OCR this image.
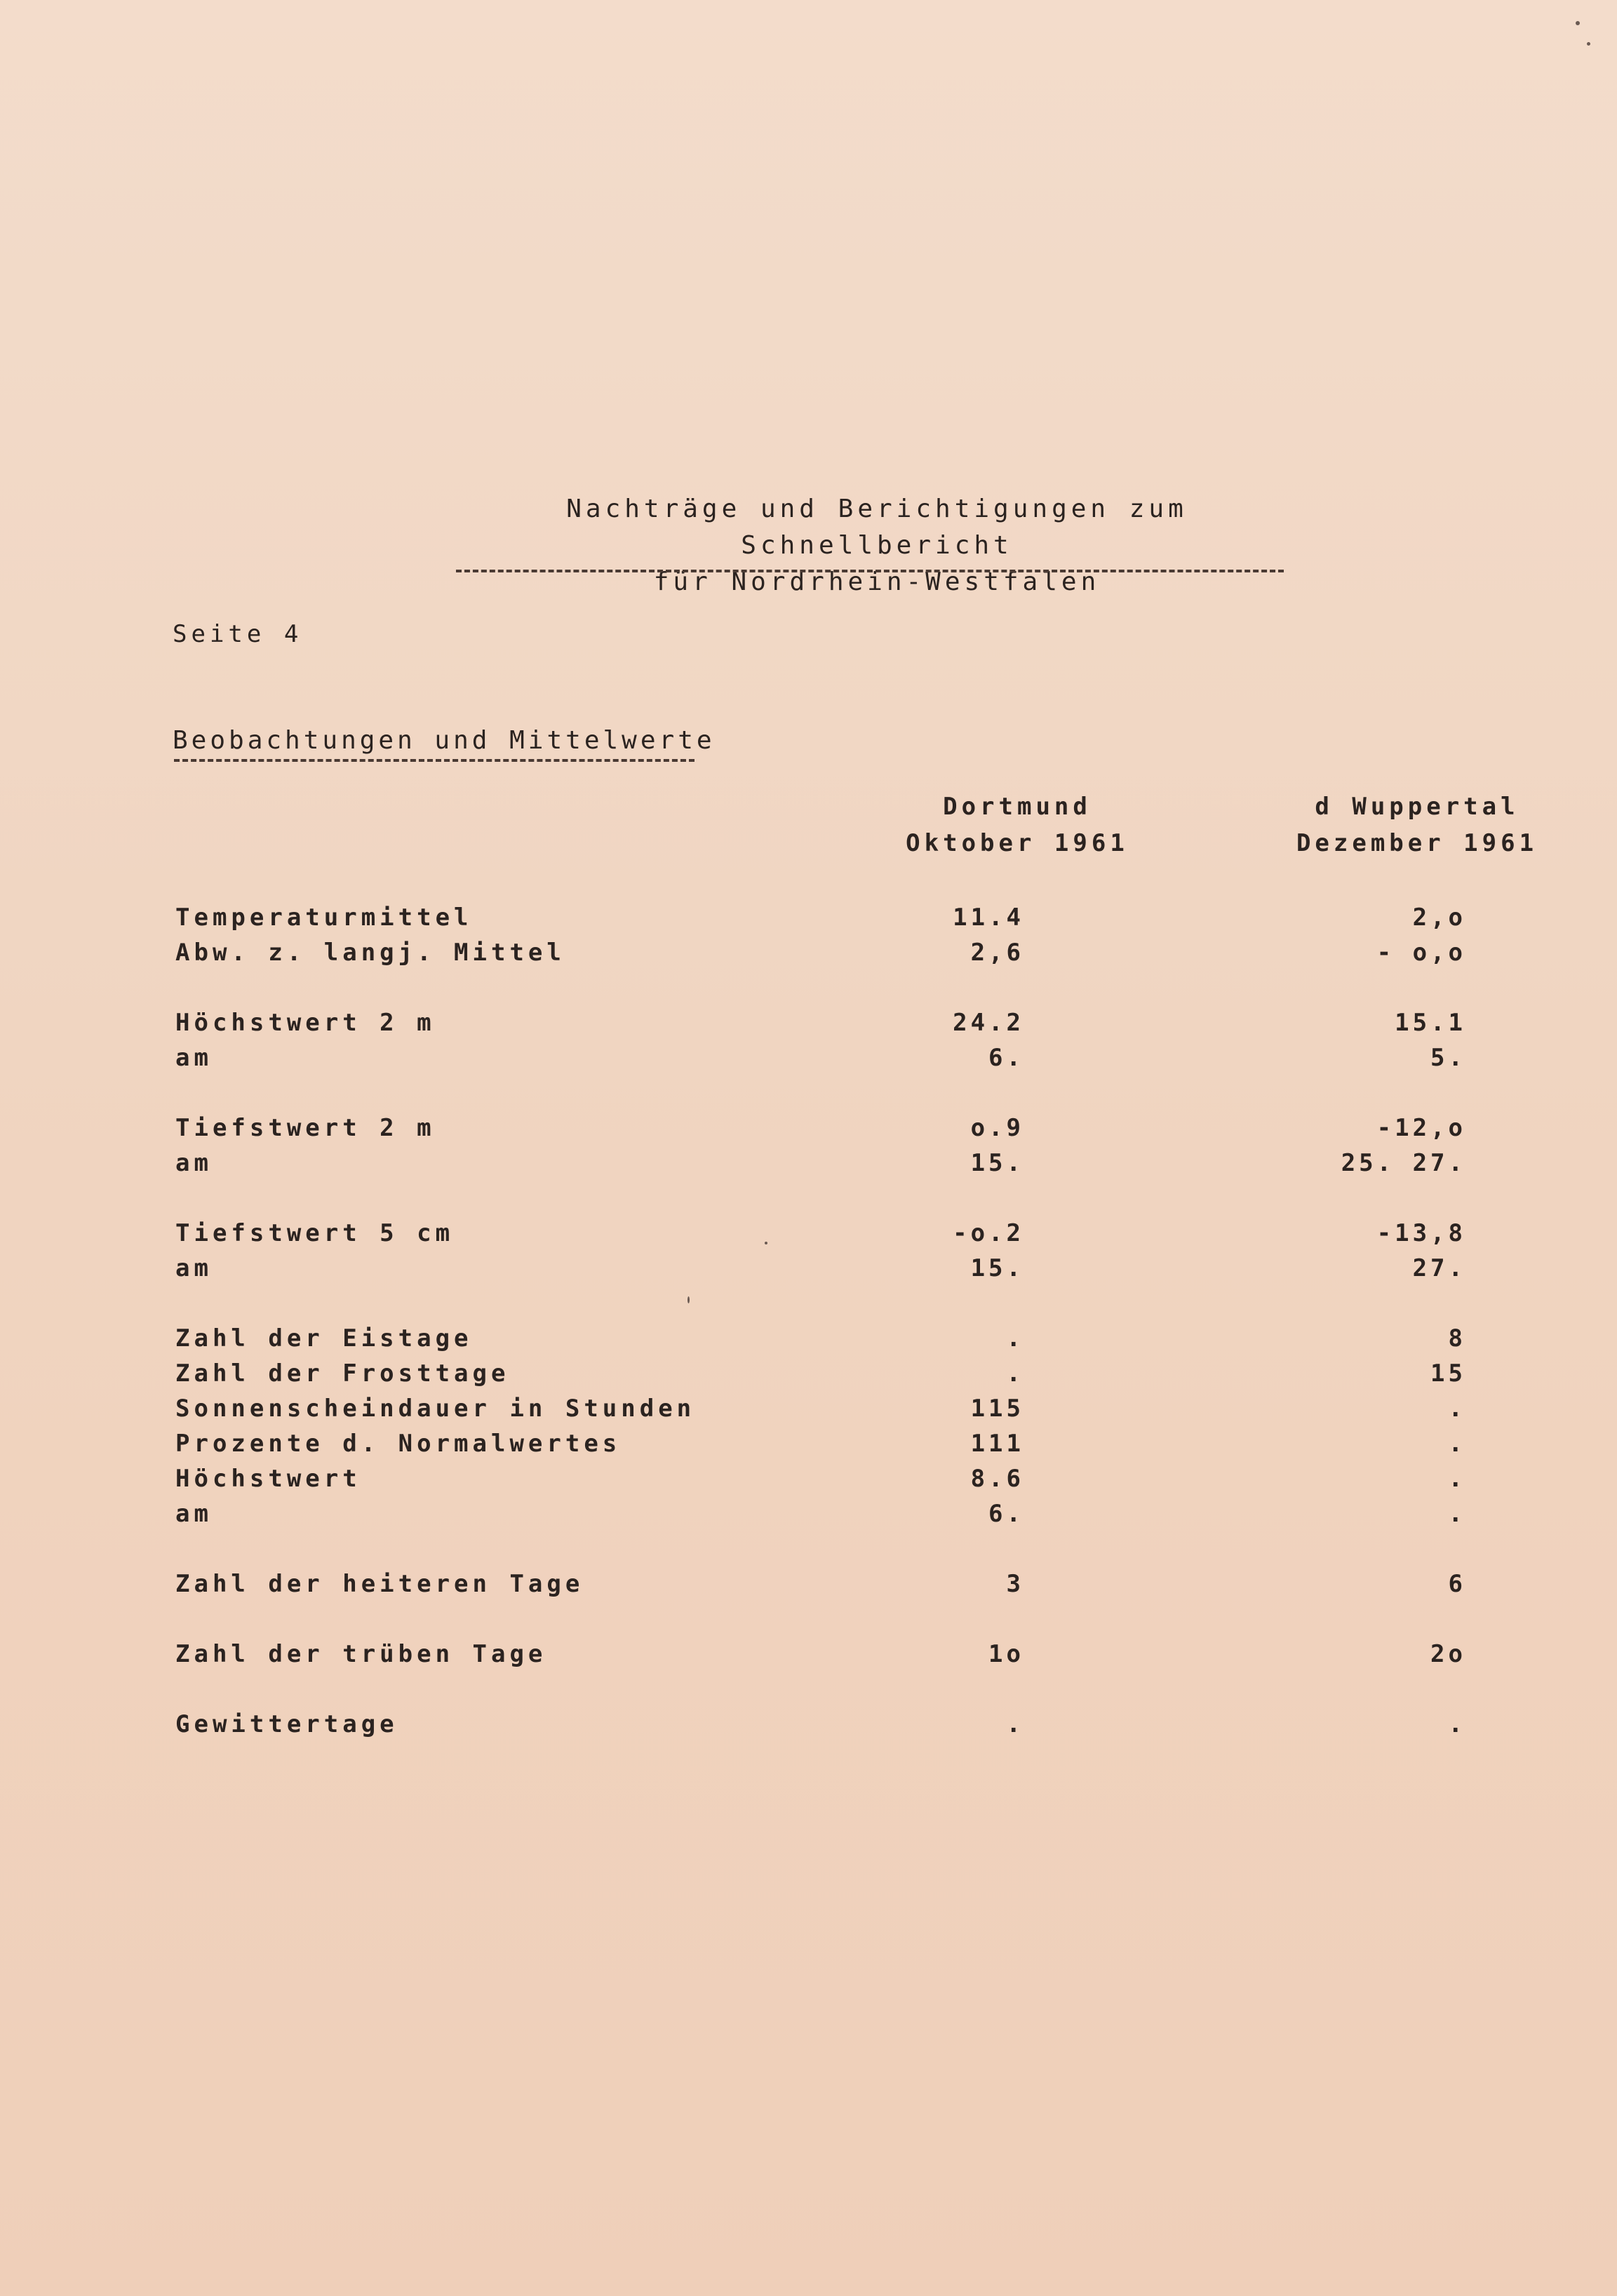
Nachträge und Berichtigungen zum Schnellbericht
für Nordrhein-Westfalen
Seite 4
Beobachtungen und Mittelwerte
Dortmund
Oktober 1961
d Wuppertal
Dezember 1961
Temperaturmittel	11.4	2,o
Abw. z. langj. Mittel	2,6	- o,o
Höchstwert 2 m	24.2	15.1
am	6.	5.
Tiefstwert 2 m	o.9	-12,o
am	15.	25. 27.
Tiefstwert 5 cm	-o.2	-13,8
am	15.	27.
Zahl der Eistage	.	8
Zahl der Frosttage	.	15
Sonnenscheindauer in Stunden	115	.
Prozente d. Normalwertes	111	.
Höchstwert	8.6	.
am	6.	.
Zahl der heiteren Tage	3	6
Zahl der trüben Tage	1o	2o
Gewittertage	.	.
